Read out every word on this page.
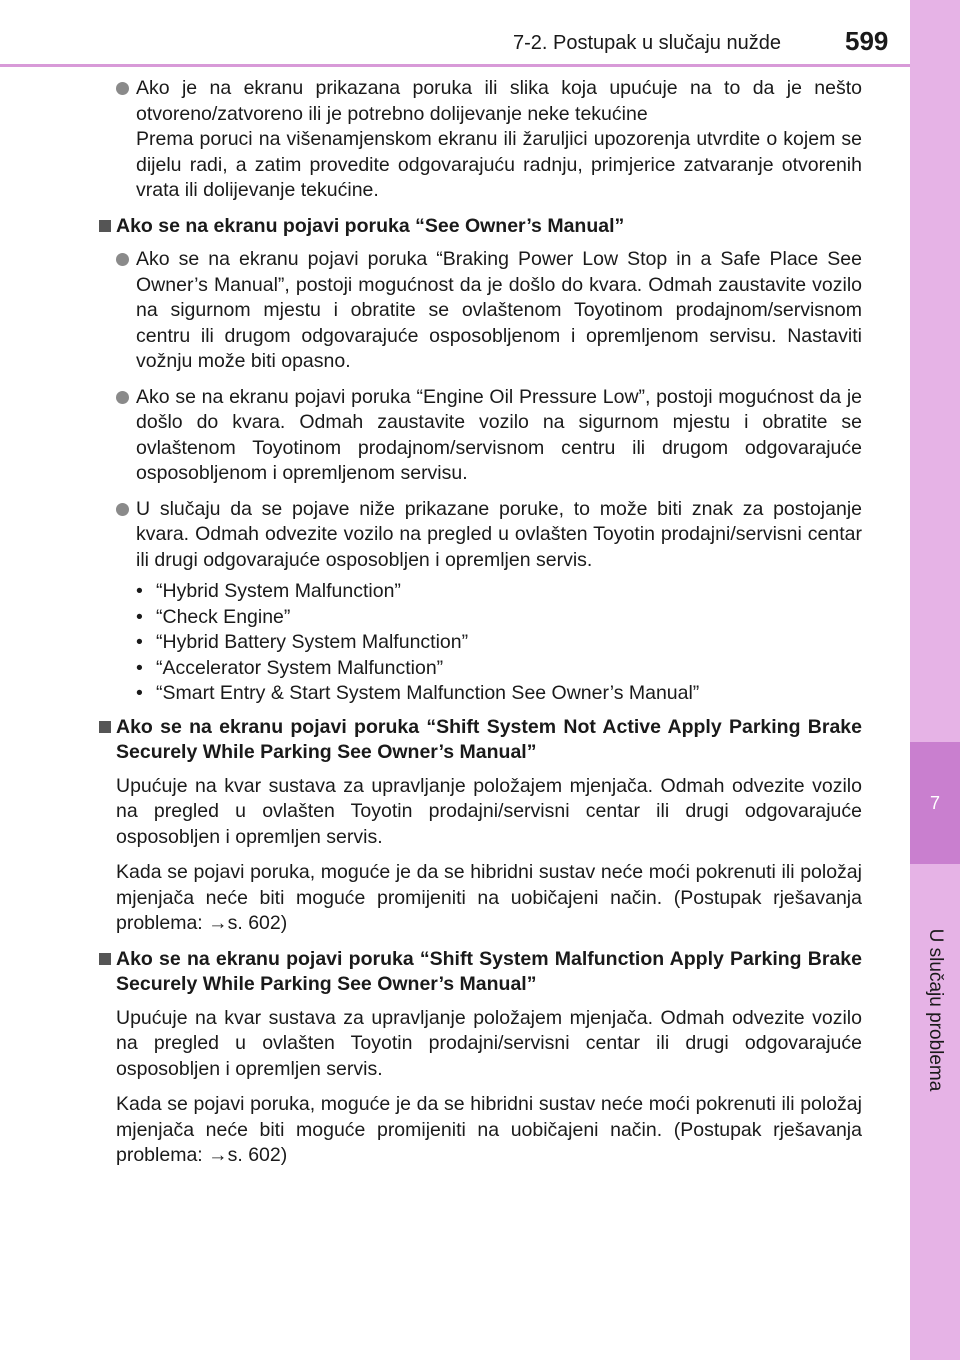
7-2. Postupak u slučaju nužde 599
7
U slučaju problema
Ako je na ekranu prikazana poruka ili slika koja upućuje na to da je nešto otvoreno/zatvoreno ili je potrebno dolijevanje neke tekućine
Prema poruci na višenamjenskom ekranu ili žaruljici upozorenja utvrdite o kojem se dijelu radi, a zatim provedite odgovarajuću radnju, primjerice zatvaranje otvorenih vrata ili dolijevanje tekućine.
Ako se na ekranu pojavi poruka “See Owner’s Manual”
Ako se na ekranu pojavi poruka “Braking Power Low Stop in a Safe Place See Owner’s Manual”, postoji mogućnost da je došlo do kvara. Odmah zaustavite vozilo na sigurnom mjestu i obratite se ovlaštenom Toyotinom prodajnom/servisnom centru ili drugom odgovarajuće osposobljenom i opremljenom servisu. Nastaviti vožnju može biti opasno.
Ako se na ekranu pojavi poruka “Engine Oil Pressure Low”, postoji mogućnost da je došlo do kvara. Odmah zaustavite vozilo na sigurnom mjestu i obratite se ovlaštenom Toyotinom prodajnom/servisnom centru ili drugom odgovarajuće osposobljenom i opremljenom servisu.
U slučaju da se pojave niže prikazane poruke, to može biti znak za postojanje kvara. Odmah odvezite vozilo na pregled u ovlašten Toyotin prodajni/servisni centar ili drugi odgovarajuće osposobljen i opremljen servis.
• “Hybrid System Malfunction”
• “Check Engine”
• “Hybrid Battery System Malfunction”
• “Accelerator System Malfunction”
• “Smart Entry & Start System Malfunction See Owner’s Manual”
Ako se na ekranu pojavi poruka “Shift System Not Active Apply Parking Brake Securely While Parking See Owner’s Manual”
Upućuje na kvar sustava za upravljanje položajem mjenjača. Odmah odvezite vozilo na pregled u ovlašten Toyotin prodajni/servisni centar ili drugi odgovarajuće osposobljen i opremljen servis.
Kada se pojavi poruka, moguće je da se hibridni sustav neće moći pokrenuti ili položaj mjenjača neće biti moguće promijeniti na uobičajeni način. (Postupak rješavanja problema: →s. 602)
Ako se na ekranu pojavi poruka “Shift System Malfunction Apply Parking Brake Securely While Parking See Owner’s Manual”
Upućuje na kvar sustava za upravljanje položajem mjenjača. Odmah odvezite vozilo na pregled u ovlašten Toyotin prodajni/servisni centar ili drugi odgovarajuće osposobljen i opremljen servis.
Kada se pojavi poruka, moguće je da se hibridni sustav neće moći pokrenuti ili položaj mjenjača neće biti moguće promijeniti na uobičajeni način. (Postupak rješavanja problema: →s. 602)
